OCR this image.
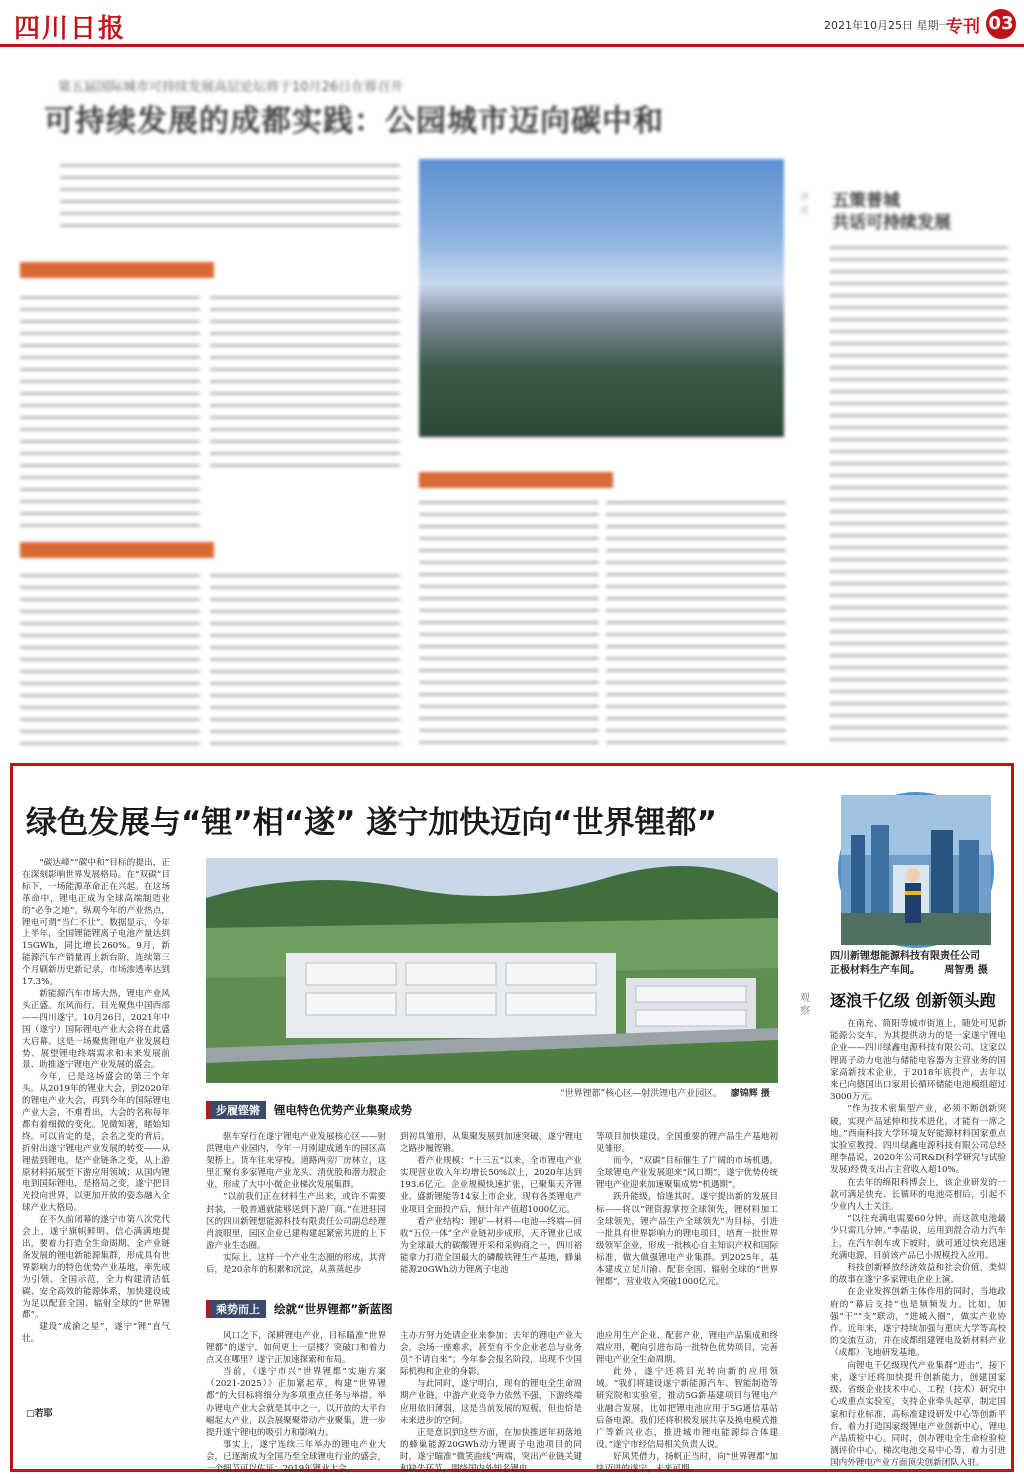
四川日报	2021年10月25日 星期一
专刊 03
第五届国际城市可持续发展高层论坛将于10月26日在蓉召开
可持续发展的成都实践：公园城市迈向碳中和
评论 五策普城
共话可持续发展
绿色发展与“锂”相“遂” 遂宁加快迈向“世界锂都”
四川新锂想能源科技有限责任公司
正极材料生产车间。 周智勇 摄
观察
逐浪千亿级 创新领头跑

在南充、简阳等城市街道上，随处可见新能源公交车，为其提供动力的是一家遂宁锂电企业——四川绿鑫电源科技有限公司。这家以锂离子动力电池与储能电容器为主营业务的国家高新技术企业，于2018年底投产，去年以来已向德国出口家用长循环储能电池模组超过3000万元。

“作为技术密集型产业，必须不断创新突破，实现产品延伸和技术进化，才能有一席之地。”西南科技大学环境友好能源材料国家重点实验室教授、四川绿鑫电源科技有限公司总经理李晶说，2020年公司R&D(科学研究与试验发展)经费支出占主营收入超10%。

在去年的绵阳科博会上，该企业研发的一款可满足快充、长循环的电池亮相后，引起不少业内人士关注。

“以往充满电需要60分钟，而这款电池最少只需几分钟。”李晶说，运用到混合动力汽车上，在汽车刹车或下坡时，就可通过快充迅速充满电源，目前该产品已小规模投入应用。

科技创新释放经济效益和社会价值，类似的故事在遂宁多家锂电企业上演。

在企业发挥创新主体作用的同时，当地政府的“幕后支持”也是频频发力。比如，加强“干”“支”联动，“进城入圈”，做实产业协作。近年来，遂宁持续加强与重庆大学等高校的交流互动，并在成都组建锂电及新材料产业（成都）飞地研发基地。

向锂电千亿级现代产业集群“进击”，接下来，遂宁还将加快提升创新能力，创建国家级、省级企业技术中心、工程（技术）研究中心或重点实验室，支持企业牵头起草，制定国家和行业标准，高标准建设研发中心等创新平台，着力打造国家级锂电产业创新中心，锂电产品质检中心。同时，创办锂电全生命检验检测评价中心，梯次电池交易中心等，着力引进国内外锂电产业方面顶尖创新团队入驻。

“碳达峰”“碳中和”目标的提出，正在深刻影响世界发展格局。在“双碳”目标下，一场能源革命正在兴起。在这场革命中，锂电正成为全球高端制造业的“必争之地”。纵观今年的产业热点，锂电可谓“当仁不让”。数据显示，今年上半年，全国锂能锂离子电池产量达到15GWh，同比增长260%。9月，新能源汽车产销量再上新台阶，连续第三个月刷新历史新记录，市场渗透率达到17.3%。

新能源汽车市场大热，锂电产业风头正盛。东风而行，目光聚焦中国西部——四川遂宁。10月26日，2021年中国（遂宁）国际锂电产业大会将在此盛大启幕。这是一场聚焦锂电产业发展趋势、展望锂电终端需求和未来发展前景、助推遂宁锂电产业发展的盛会。

今年，已是这场盛会的第三个年头。从2019年的锂业大会，到2020年的锂电产业大会，再到今年的国际锂电产业大会，不难看出，大会的名称每年都有着细微的变化。见微知著，睹始知终。可以肯定的是，会名之变的背后，折射出遂宁锂电产业发展的转变——从锂盐到锂电，是产业链条之变，从上游原材料拓展至下游应用领域；从国内锂电到国际锂电，是格局之变，遂宁把目光投向世界，以更加开放的姿态融入全球产业大格局。

在不久前闭幕的遂宁市第八次党代会上，遂宁旗帜鲜明、信心满满地提出，要着力打造全生命周期、全产业链条发展的锂电新能源集群，形成具有世界影响力的特色优势产业基地，率先成为引领、全国示范，全力构建清洁低碳、安全高效的能源体系，加快建设成为足以配套全国、辐射全球的“世界锂都”。

建设“成渝之星”，遂宁“锂”直气壮。

□若耶
“世界锂都”核心区—射洪锂电产业园区。 廖锦辉 摄
步履铿锵	锂电特色优势产业集聚成势

驱车穿行在遂宁锂电产业发展核心区——射洪锂电产业园内，今年一月刚建成通车的园区高架桥上，货车往来穿梭，道路两旁厂房林立，这里汇聚有多家锂电产业龙头、清优股和潜力股企业，形成了大中小微企业梯次发展集群。

“以前我们正在材料生产出来，或许不需要封装，一般普通就能够送到下游厂商。”在进驻园区的四川新锂想能源科技有限责任公司副总经理肖波眼里，园区企业已建构建起紧密共进的上下游产业生态圈。

实际上，这样一个产业生态圈的形成，其背后，是20余年的积累和沉淀，从蒸蒸起步

到初具雏形，从集聚发展到加速突破，遂宁锂电之路步履铿锵。

看产业规模：“十三五”以来，全市锂电产业实现营业收入年均增长50%以上，2020年达到193.6亿元。企业规模快速扩张，已聚集天齐锂业、盛新锂能等14家上市企业，现有各类锂电产业项目全面投产后，预计年产值超1000亿元。

看产业结构：锂矿—材料—电池—终端—回收“五位一体”全产业链初步成形，天齐锂业已成为全球最大的碳酸锂开采和采购商之一，四川裕能拿力打造全国最大的磷酸铁锂生产基地，蜂巢能源20GWh动力锂离子电池

等项目加快建设，全国重要的锂产品生产基地初见雏形。

而今，“双碳”目标催生了广阔的市场机遇，全球锂电产业发展迎来“风口期”，遂宁优势传统锂电产业迎来加速聚集成势“机遇期”。

跃升能级，恰逢其时。遂宁提出新的发展目标——将以“锂资源掌控全球领先，锂材料加工全球领先，锂产品生产全球领先”为目标，引进一批具有世界影响力的锂电项目，培育一批世界级领军企业，形成一批核心自主知识产权和国际标准，做大做强锂电产业集群。到2025年，基本建成立足川渝、配套全国、辐射全球的“世界锂都”，营业收入突破1000亿元。

乘势而上	绘就“世界锂都”新蓝图

风口之下，深耕锂电产业，目标瞄准“世界锂都”的遂宁，如何更上一层楼？突破口和着力点又在哪里？遂宁正加速探索和布局。

当前，《遂宁市兴“世界锂都”实施方案（2021-2025）》正加紧起草，构建“世界锂都”的大目标将细分为多项重点任务与举措。举办锂电产业大会就是其中之一，以开放的大平台崛起大产业，以会展聚聚带动产业聚集，进一步提升遂宁锂电的吸引力和影响力。

事实上，遂宁连续三年举办的锂电产业大会，已逐渐成为全国乃至全球锂电行业的盛会，一个细节可以佐证：2019年锂业大会，

主办方努力处请企业来参加；去年的锂电产业大会，会场一座难求，甚至有不少企业老总与业务员“不请自来”；今年参会报名阶段，出现不少国际机构和企业的身影。

与此同时，遂宁明白，现有的锂电全生命周期产业链，中游产业竞争力依然不强，下游终端应用依旧薄弱，这是当前发展的短板，但也恰是未来进步的空间。

正是意识到这些方面，在加快推进年初落地的蜂巢能源20GWh动力锂离子电池项目的同时，遂宁瞄准“微笑曲线”两端，突出产业链关键和缺失环节，围绕国内外知名锂电

池应用生产企业、配套产业，锂电产品集成和终端应用，靶向引进布局一批特色优势项目，完善锂电产业全生命周期。

此外，遂宁还将目光转向新的应用领域。“我们将建设遂宁新能源汽车、智能制造等研究院和实验室，推动5G新基建项目与锂电产业融合发展，比如把锂电池应用于5G通信基站后备电源。我们还将积极发展共享及换电模式推广等新兴业态，推进城市锂电能源综合体建设。”遂宁市经信局相关负责人说。

好风凭借力，扬帆正当时，向“世界锂都”加快迈进的遂宁，未来可期。
